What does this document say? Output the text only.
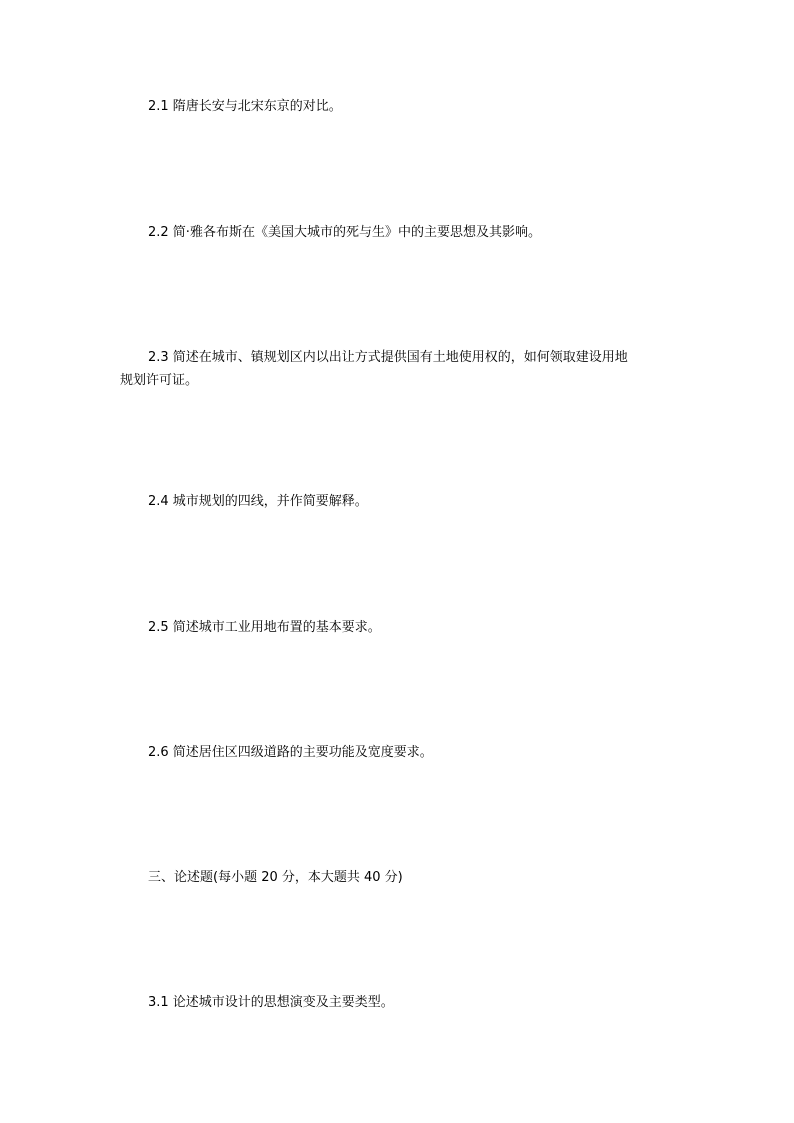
2.1 隋唐长安与北宋东京的对比。
2.2 简·雅各布斯在《美国大城市的死与生》中的主要思想及其影响。
2.3 简述在城市、镇规划区内以出让方式提供国有土地使用权的，如何领取建设用地
规划许可证。
2.4 城市规划的四线，并作简要解释。
2.5 简述城市工业用地布置的基本要求。
2.6 简述居住区四级道路的主要功能及宽度要求。
三、论述题(每小题 20 分，本大题共 40 分)
3.1 论述城市设计的思想演变及主要类型。
